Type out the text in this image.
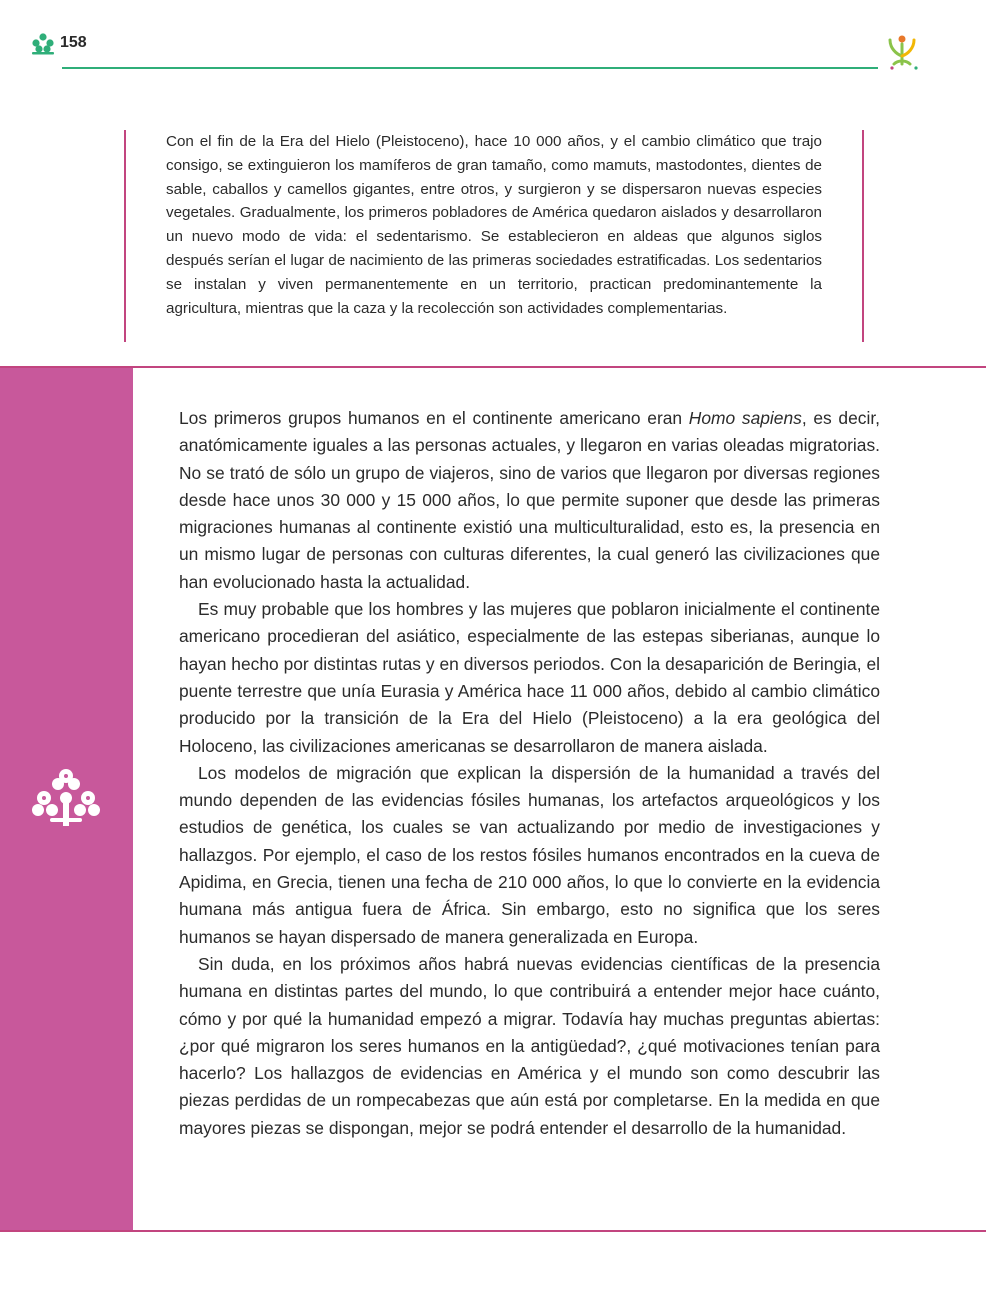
158

Con el fin de la Era del Hielo (Pleistoceno), hace 10 000 años, y el cambio climático que trajo consigo, se extinguieron los mamíferos de gran tamaño, como mamuts, mastodontes, dientes de sable, caballos y camellos gigantes, entre otros, y surgieron y se dispersaron nuevas especies vegetales. Gradualmente, los primeros pobladores de América quedaron aislados y desarrollaron un nuevo modo de vida: el sedentarismo. Se establecieron en aldeas que algunos siglos después serían el lugar de nacimiento de las primeras sociedades estratificadas. Los sedentarios se instalan y viven permanentemente en un territorio, practican predominantemente la agricultura, mientras que la caza y la recolección son actividades complementarias.

Los primeros grupos humanos en el continente americano eran Homo sapiens, es decir, anatómicamente iguales a las personas actuales, y llegaron en varias oleadas migratorias. No se trató de sólo un grupo de viajeros, sino de varios que llegaron por diversas regiones desde hace unos 30 000 y 15 000 años, lo que permite suponer que desde las primeras migraciones humanas al continente existió una multiculturalidad, esto es, la presencia en un mismo lugar de personas con culturas diferentes, la cual generó las civilizaciones que han evolucionado hasta la actualidad.

Es muy probable que los hombres y las mujeres que poblaron inicialmente el continente americano procedieran del asiático, especialmente de las estepas siberianas, aunque lo hayan hecho por distintas rutas y en diversos periodos. Con la desaparición de Beringia, el puente terrestre que unía Eurasia y América hace 11 000 años, debido al cambio climático producido por la transición de la Era del Hielo (Pleistoceno) a la era geológica del Holoceno, las civilizaciones americanas se desarrollaron de manera aislada.

Los modelos de migración que explican la dispersión de la humanidad a través del mundo dependen de las evidencias fósiles humanas, los artefactos arqueológicos y los estudios de genética, los cuales se van actualizando por medio de investigaciones y hallazgos. Por ejemplo, el caso de los restos fósiles humanos encontrados en la cueva de Apidima, en Grecia, tienen una fecha de 210 000 años, lo que lo convierte en la evidencia humana más antigua fuera de África. Sin embargo, esto no significa que los seres humanos se hayan dispersado de manera generalizada en Europa.

Sin duda, en los próximos años habrá nuevas evidencias científicas de la presencia humana en distintas partes del mundo, lo que contribuirá a entender mejor hace cuánto, cómo y por qué la humanidad empezó a migrar. Todavía hay muchas preguntas abiertas: ¿por qué migraron los seres humanos en la antigüedad?, ¿qué motivaciones tenían para hacerlo? Los hallazgos de evidencias en América y el mundo son como descubrir las piezas perdidas de un rompecabezas que aún está por completarse. En la medida en que mayores piezas se dispongan, mejor se podrá entender el desarrollo de la humanidad.
